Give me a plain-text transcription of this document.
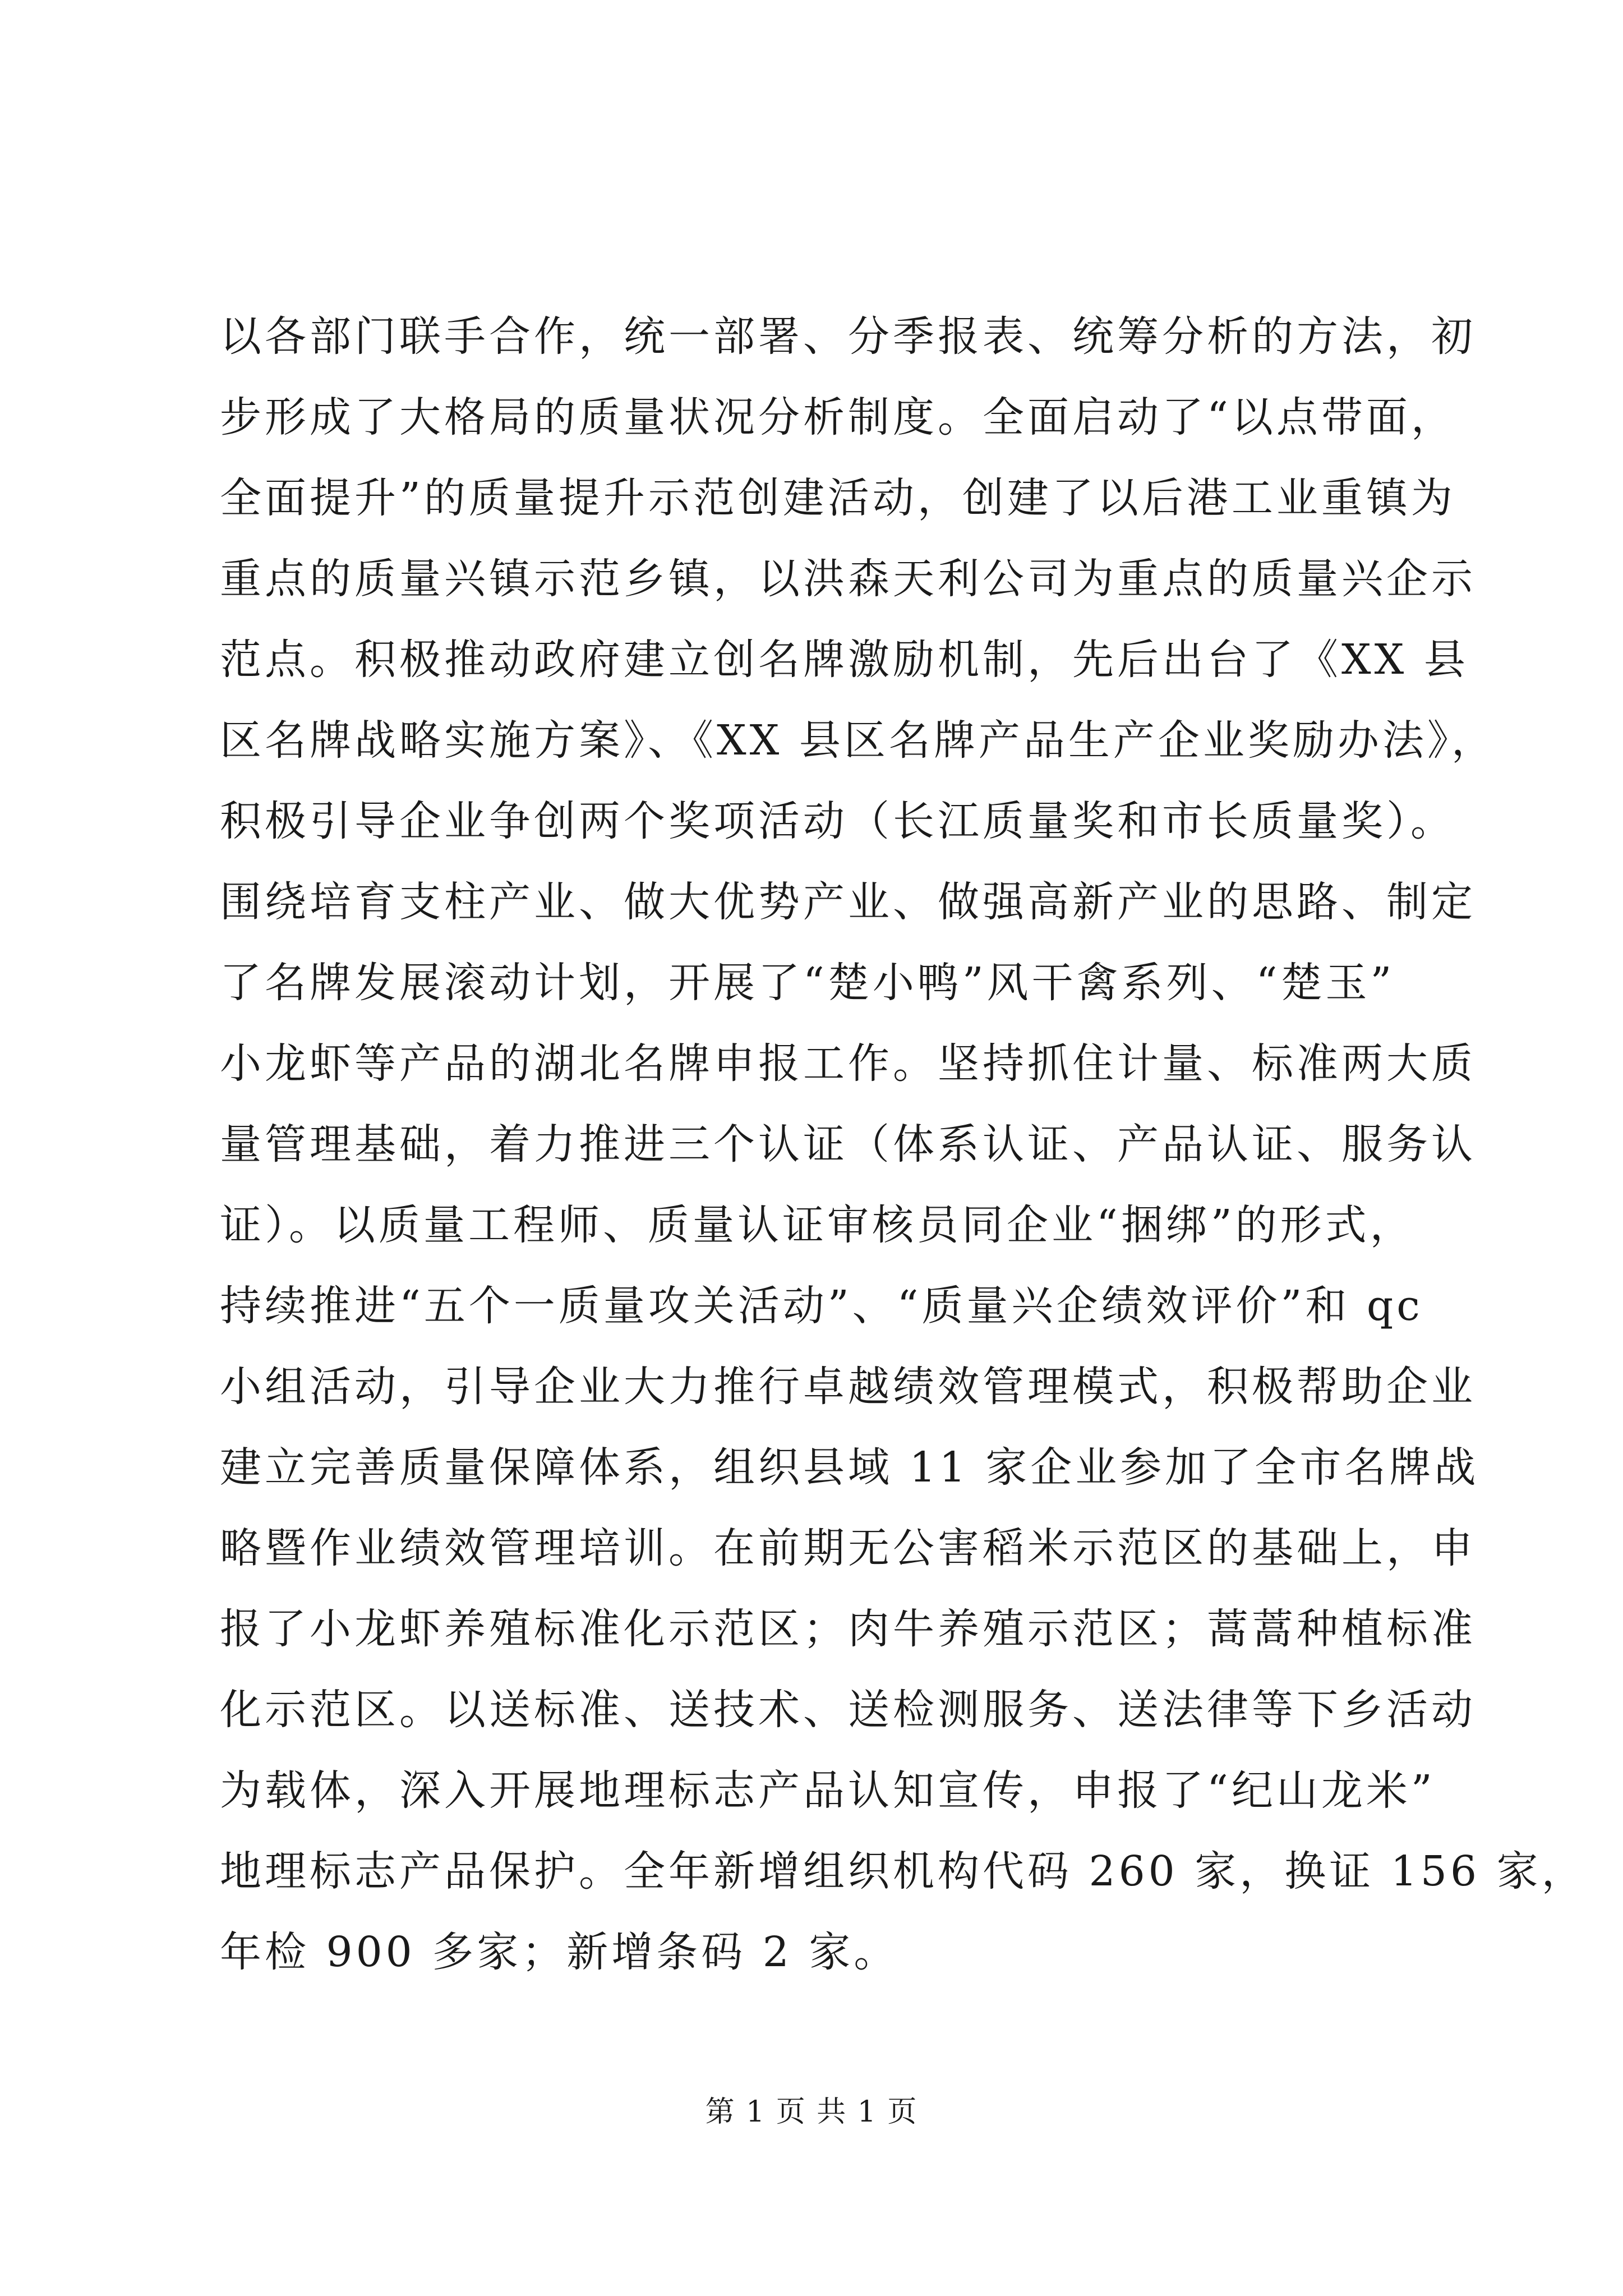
以各部门联手合作，统一部署、分季报表、统筹分析的方法，初
步形成了大格局的质量状况分析制度。全面启动了“以点带面，
全面提升”的质量提升示范创建活动，创建了以后港工业重镇为
重点的质量兴镇示范乡镇，以洪森天利公司为重点的质量兴企示
范点。积极推动政府建立创名牌激励机制，先后出台了《XX 县
区名牌战略实施方案》、《XX 县区名牌产品生产企业奖励办法》，
积极引导企业争创两个奖项活动（长江质量奖和市长质量奖）。
围绕培育支柱产业、做大优势产业、做强高新产业的思路、制定
了名牌发展滚动计划，开展了“楚小鸭”风干禽系列、“楚玉”
小龙虾等产品的湖北名牌申报工作。坚持抓住计量、标准两大质
量管理基础，着力推进三个认证（体系认证、产品认证、服务认
证）。以质量工程师、质量认证审核员同企业“捆绑”的形式，
持续推进“五个一质量攻关活动”、“质量兴企绩效评价”和 qc
小组活动，引导企业大力推行卓越绩效管理模式，积极帮助企业
建立完善质量保障体系，组织县域 11 家企业参加了全市名牌战
略暨作业绩效管理培训。在前期无公害稻米示范区的基础上，申
报了小龙虾养殖标准化示范区；肉牛养殖示范区；蒿蒿种植标准
化示范区。以送标准、送技术、送检测服务、送法律等下乡活动
为载体，深入开展地理标志产品认知宣传，申报了“纪山龙米”
地理标志产品保护。全年新增组织机构代码 260 家，换证 156 家，
年检 900 多家；新增条码 2 家。
第 1 页 共 1 页
